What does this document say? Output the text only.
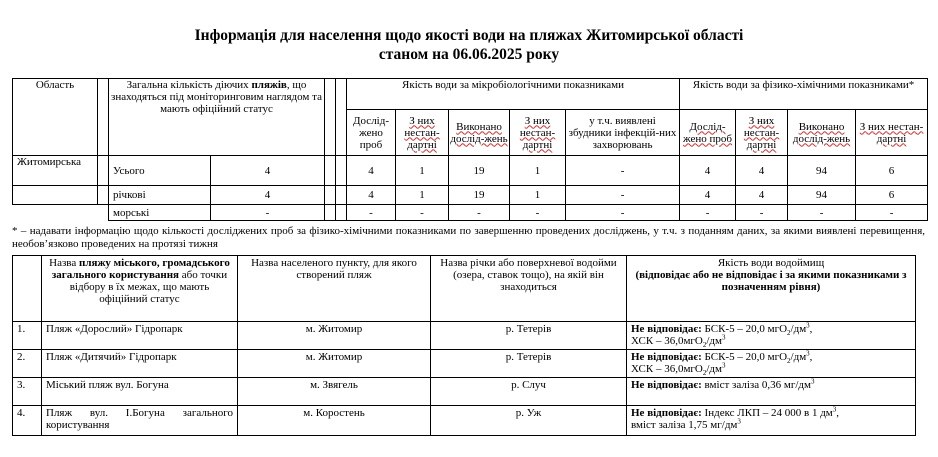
Інформація для населення щодо якості води на пляжах Житомирської області
станом на 06.06.2025 року
Область		Загальна кількість діючих пляжів, що знаходяться під моніторинговим наглядом та мають офіційний статус				Якість води за мікробіологічними показниками					Якість води за фізико-хімічними показниками*			
						Дослід-жено проб	З них нестан-дартні	Виконано дослід-жень	З них нестан-дартні	у т.ч. виявлені збудники інфекцій-них захворювань	Дослід-жено проб	З них нестан-дартні	Виконано дослід-жень	З них нестан-дартні
Житомирська		Усього	4			4	1	19	1	-	4	4	94	6
		річкові	4			4	1	19	1	-	4	4	94	6
		морські	-			-	-	-	-	-	-	-	-	-
* – надавати інформацію щодо кількості досліджених проб за фізико-хімічними показниками по завершенню проведених досліджень, у т.ч. з поданням даних, за якими виявлені перевищення, необов’язково проведених на протязі тижня
	Назва пляжу міського, громадського загального користування або точки відбору в їх межах, що мають офіційний статус	Назва населеного пункту, для якого створений пляж	Назва річки або поверхневої водойми (озера, ставок тощо), на якій він знаходиться	Якість води водоймищ
(відповідає або не відповідає і за якими показниками з позначенням рівня)
1.	Пляж «Дорослий» Гідропарк	м. Житомир	р. Тетерів	Не відповідає: БСК-5 – 20,0 $мгО_2/дм^3$,
ХСК – $36,0мгО_2/дм^3$
2.	Пляж «Дитячий» Гідропарк	м. Житомир	р. Тетерів	Не відповідає: БСК-5 – 20,0 $мгО_2/дм^3$,
ХСК – $36,0мгО_2/дм^3$
3.	Міський пляж вул. Богуна	м. Звягель	р. Случ	Не відповідає: вміст заліза 0,36 $мг/дм^3$
4.	Пляж вул. І.Богуна загального користування	м. Коростень	р. Уж	Не відповідає: Індекс ЛКП – 24 000 в 1 $дм^3$,
вміст заліза 1,75 $мг/дм^3$
